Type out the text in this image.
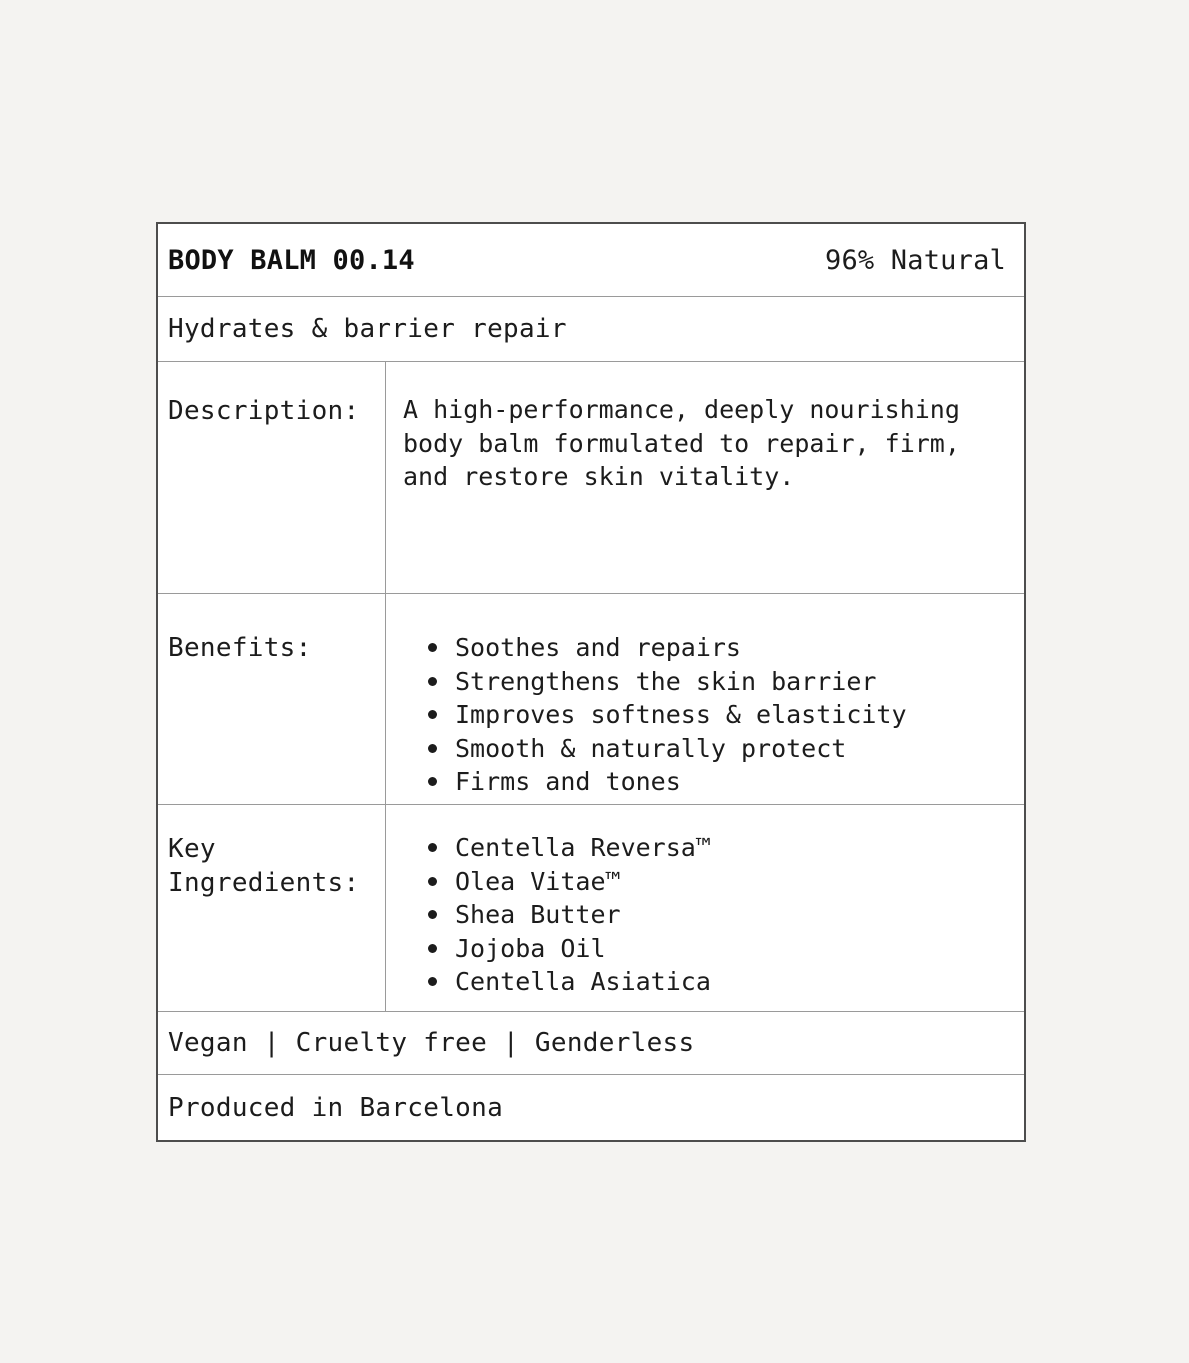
BODY BALM 00.14	96% Natural
Hydrates & barrier repair
Description:	A high-performance, deeply nourishing body balm formulated to repair, firm, and restore skin vitality.
Benefits:	Soothes and repairs
Strengthens the skin barrier
Improves softness & elasticity
Smooth & naturally protect
Firms and tones
Key Ingredients:
Centella Reversa™
Olea Vitae™
Shea Butter
Jojoba Oil
Centella Asiatica
Vegan | Cruelty free | Genderless
Produced in Barcelona
